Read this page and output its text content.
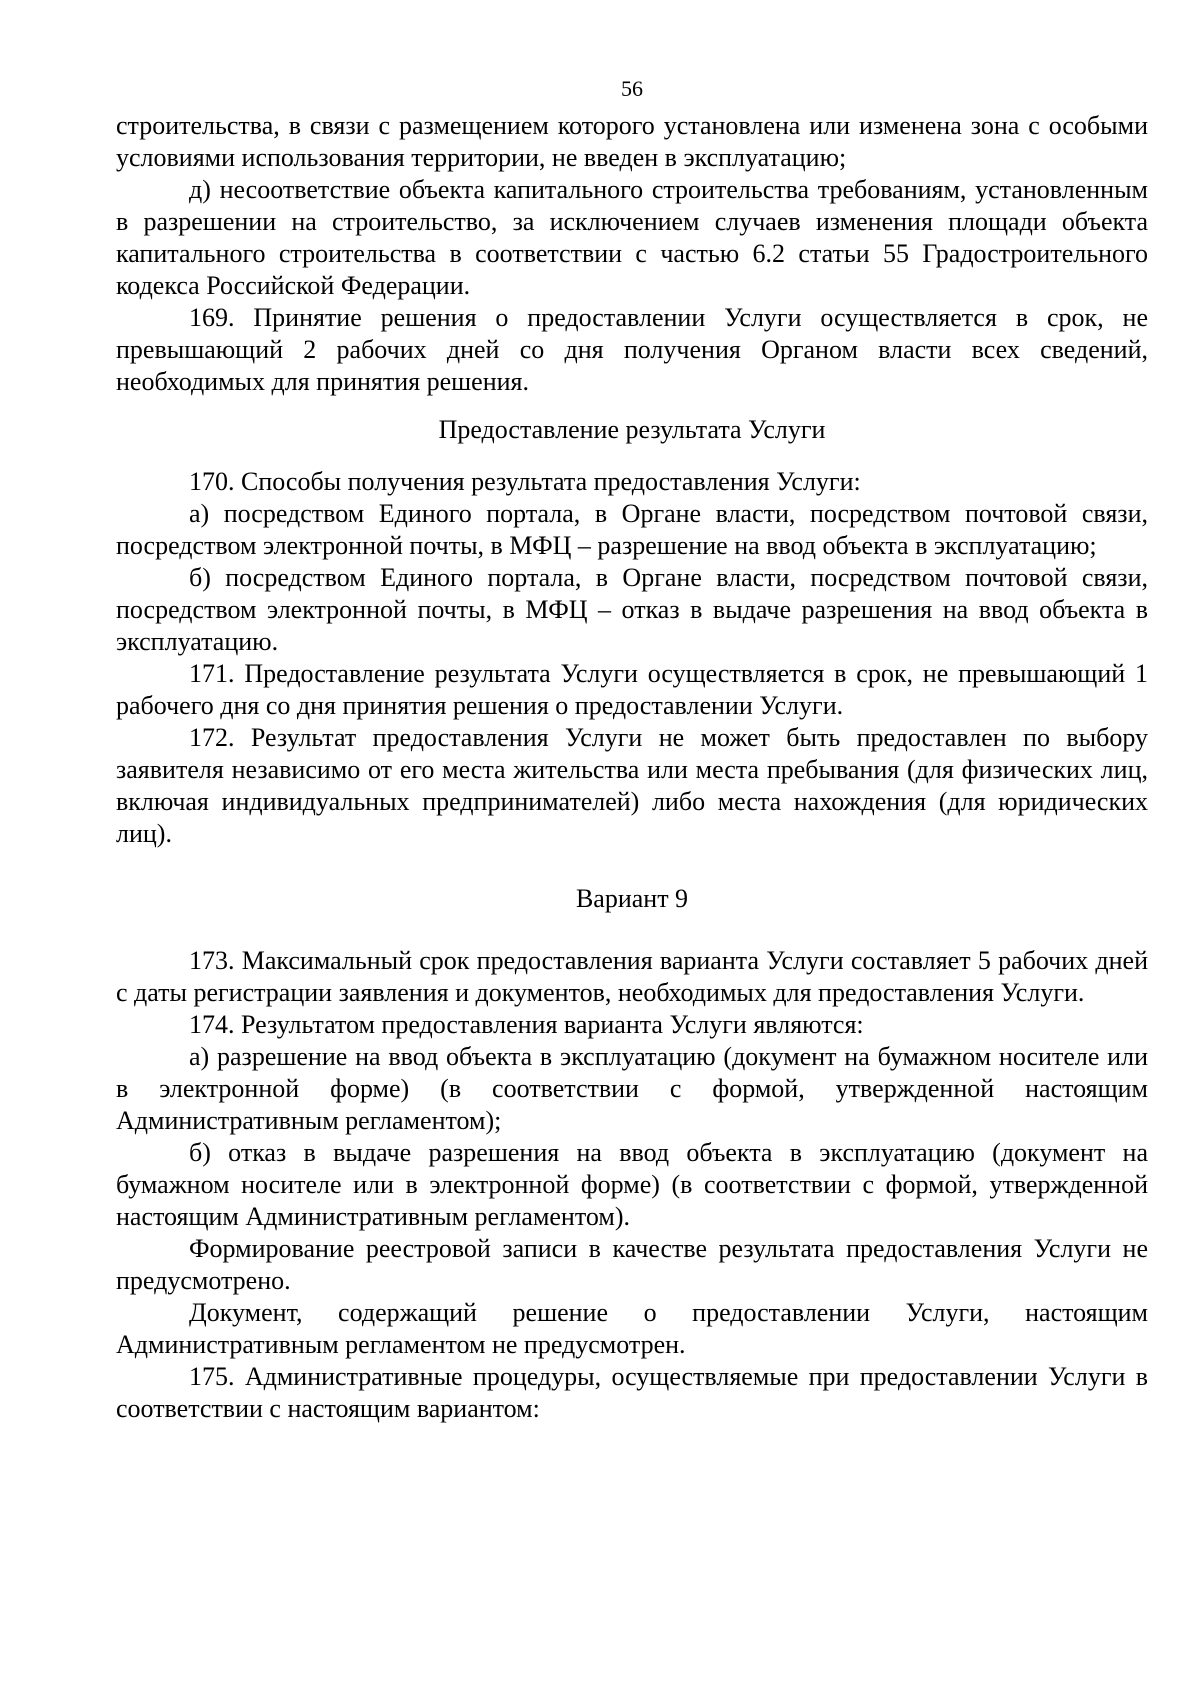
56

строительства, в связи с размещением которого установлена или изменена зона с особыми условиями использования территории, не введен в эксплуатацию;

д) несоответствие объекта капитального строительства требованиям, установленным в разрешении на строительство, за исключением случаев изменения площади объекта капитального строительства в соответствии с частью 6.2 статьи 55 Градостроительного кодекса Российской Федерации.

169. Принятие решения о предоставлении Услуги осуществляется в срок, не превышающий 2 рабочих дней со дня получения Органом власти всех сведений, необходимых для принятия решения.

Предоставление результата Услуги

170. Способы получения результата предоставления Услуги:

а) посредством Единого портала, в Органе власти, посредством почтовой связи, посредством электронной почты, в МФЦ – разрешение на ввод объекта в эксплуатацию;

б) посредством Единого портала, в Органе власти, посредством почтовой связи, посредством электронной почты, в МФЦ – отказ в выдаче разрешения на ввод объекта в эксплуатацию.

171. Предоставление результата Услуги осуществляется в срок, не превышающий 1 рабочего дня со дня принятия решения о предоставлении Услуги.

172. Результат предоставления Услуги не может быть предоставлен по выбору заявителя независимо от его места жительства или места пребывания (для физических лиц, включая индивидуальных предпринимателей) либо места нахождения (для юридических лиц).

Вариант 9

173. Максимальный срок предоставления варианта Услуги составляет 5 рабочих дней с даты регистрации заявления и документов, необходимых для предоставления Услуги.

174. Результатом предоставления варианта Услуги являются:

а) разрешение на ввод объекта в эксплуатацию (документ на бумажном носителе или в электронной форме) (в соответствии с формой, утвержденной настоящим Административным регламентом);

б) отказ в выдаче разрешения на ввод объекта в эксплуатацию (документ на бумажном носителе или в электронной форме) (в соответствии с формой, утвержденной настоящим Административным регламентом).

Формирование реестровой записи в качестве результата предоставления Услуги не предусмотрено.

Документ, содержащий решение о предоставлении Услуги, настоящим Административным регламентом не предусмотрен.

175. Административные процедуры, осуществляемые при предоставлении Услуги в соответствии с настоящим вариантом:
